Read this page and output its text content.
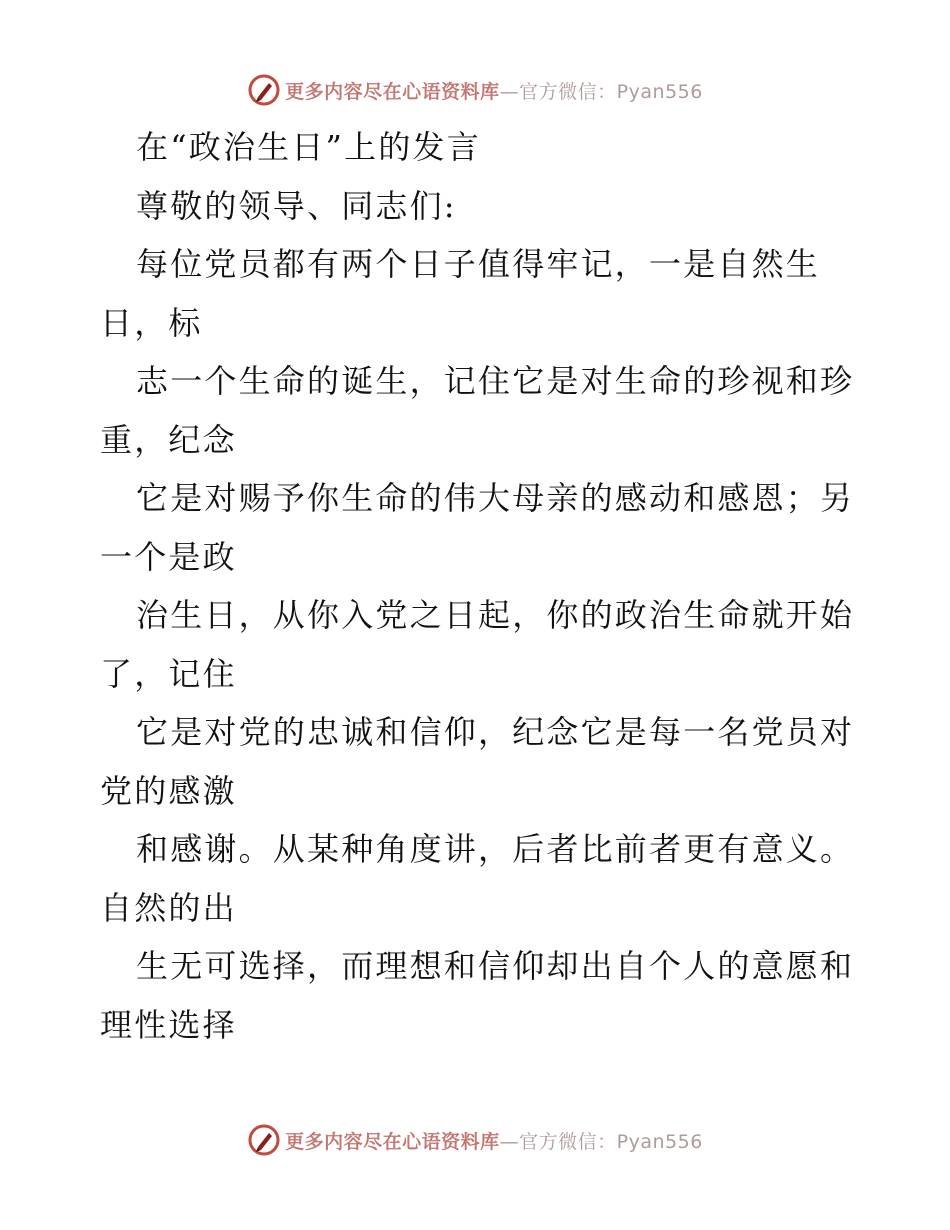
更多内容尽在心语资料库—官方微信：Pyan556
在“政治生日”上的发言
尊敬的领导、同志们:
每位党员都有两个日子值得牢记，一是自然生
日，标
志一个生命的诞生，记住它是对生命的珍视和珍
重，纪念
它是对赐予你生命的伟大母亲的感动和感恩；另
一个是政
治生日，从你入党之日起，你的政治生命就开始
了，记住
它是对党的忠诚和信仰，纪念它是每一名党员对
党的感激
和感谢。从某种角度讲，后者比前者更有意义。
自然的出
生无可选择，而理想和信仰却出自个人的意愿和
理性选择
更多内容尽在心语资料库—官方微信：Pyan556
